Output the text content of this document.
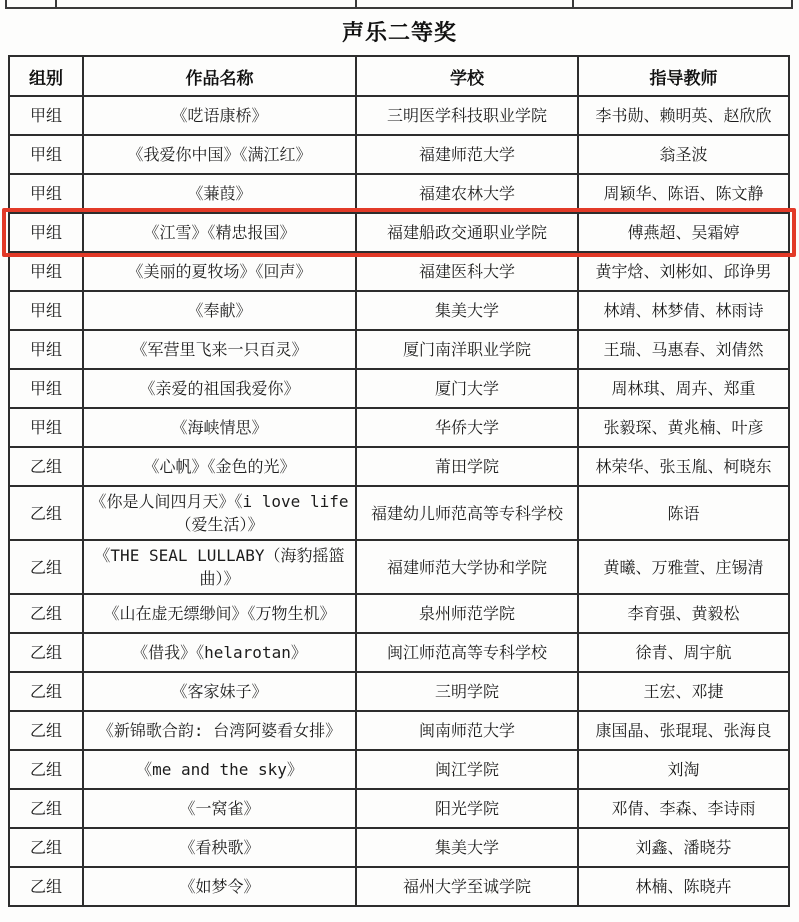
声乐二等奖
组别	作品名称	学校	指导教师
甲组	《呓语康桥》	三明医学科技职业学院	李书勋、赖明英、赵欣欣
甲组	《我爱你中国》《满江红》	福建师范大学	翁圣波
甲组	《蒹葭》	福建农林大学	周颖华、陈语、陈文静
甲组	《江雪》《精忠报国》	福建船政交通职业学院	傅燕超、吴霜婷
甲组	《美丽的夏牧场》《回声》	福建医科大学	黄宇焓、刘彬如、邱诤男
甲组	《奉献》	集美大学	林靖、林梦倩、林雨诗
甲组	《军营里飞来一只百灵》	厦门南洋职业学院	王瑞、马惠春、刘倩然
甲组	《亲爱的祖国我爱你》	厦门大学	周林琪、周卉、郑重
甲组	《海峡情思》	华侨大学	张毅琛、黄兆楠、叶彦
乙组	《心帆》《金色的光》	莆田学院	林荣华、张玉胤、柯晓东
乙组	《你是人间四月天》《i love life（爱生活）》	福建幼儿师范高等专科学校	陈语
乙组	《THE SEAL LULLABY（海豹摇篮曲）》	福建师范大学协和学院	黄曦、万雅萱、庄锡清
乙组	《山在虚无缥缈间》《万物生机》	泉州师范学院	李育强、黄毅松
乙组	《借我》《helarotan》	闽江师范高等专科学校	徐青、周宇航
乙组	《客家妹子》	三明学院	王宏、邓捷
乙组	《新锦歌合韵: 台湾阿婆看女排》	闽南师范大学	康国晶、张琨琨、张海良
乙组	《me and the sky》	闽江学院	刘淘
乙组	《一窝雀》	阳光学院	邓倩、李森、李诗雨
乙组	《看秧歌》	集美大学	刘鑫、潘晓芬
乙组	《如梦令》	福州大学至诚学院	林楠、陈晓卉
